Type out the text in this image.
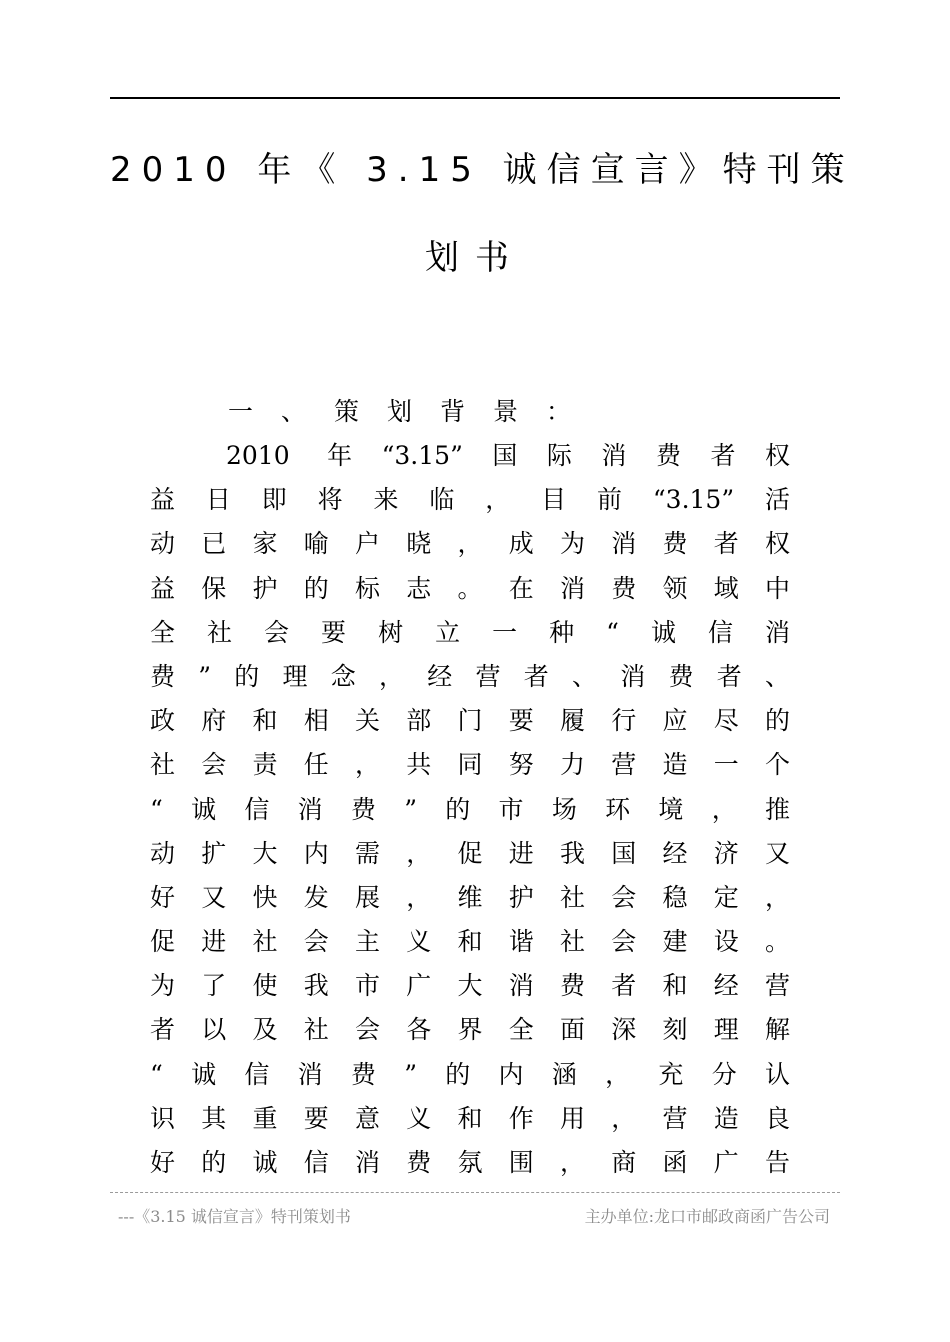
2010 年《 3.15 诚信宣言》特刊策
划书
一、策划背景：
2010 年“3.15”国际消费者权
益日即将来临，目前“3.15”活
动已家喻户晓，成为消费者权
益保护的标志。在消费领域中
全社会要树立一种“诚信消
费”的理念，经营者、消费者、
政府和相关部门要履行应尽的
社会责任，共同努力营造一个
“诚信消费”的市场环境，推
动扩大内需，促进我国经济又
好又快发展，维护社会稳定，
促进社会主义和谐社会建设。
为了使我市广大消费者和经营
者以及社会各界全面深刻理解
“诚信消费”的内涵，充分认
识其重要意义和作用，营造良
好的诚信消费氛围，商函广告
---《3.15 诚信宣言》特刊策划书	主办单位:龙口市邮政商函广告公司
